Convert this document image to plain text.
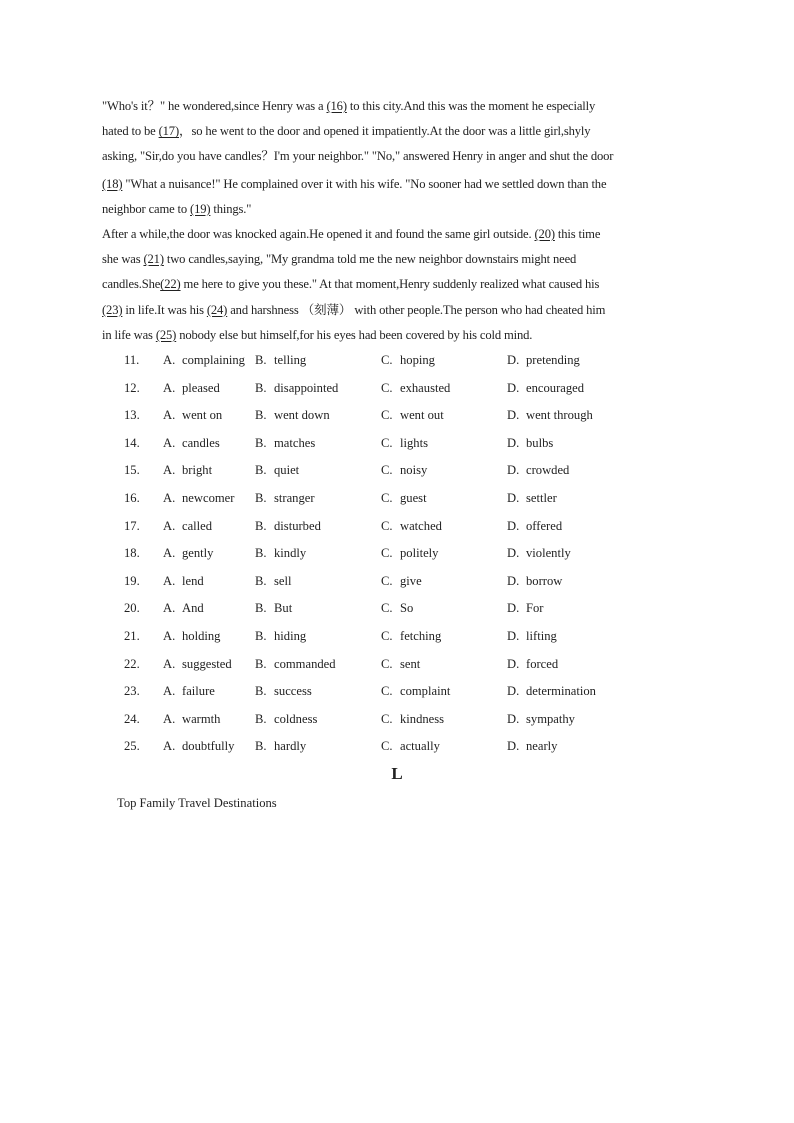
"Who's it？" he wondered,since Henry was a (16) to this city.And this was the moment he especially
hated to be (17)，so he went to the door and opened it impatiently.At the door was a little girl,shyly
asking, "Sir,do you have candles？I'm your neighbor." "No," answered Henry in anger and shut the door
(18) "What a nuisance!" He complained over it with his wife. "No sooner had we settled down than the
neighbor came to (19) things."
After a while,the door was knocked again.He opened it and found the same girl outside. (20) this time
she was (21) two candles,saying, "My grandma told me the new neighbor downstairs might need
candles.She(22) me here to give you these." At that moment,Henry suddenly realized what caused his
(23) in life.It was his (24) and harshness （刻薄） with other people.The person who had cheated him
in life was (25) nobody else but himself,for his eyes had been covered by his cold mind.
11.	A. complaining B. telling	C. hoping	D. pretending
12.	A. pleased	B. disappointed	C. exhausted	D. encouraged
13.	A. went on	B. went down	C. went out	D. went through
14.	A. candles	B. matches	C. lights	D. bulbs
15.	A. bright	B. quiet	C. noisy	D. crowded
16.	A. newcomer B. stranger	C. guest	D. settler
17.	A. called	B. disturbed	C. watched	D. offered
18.	A. gently	B. kindly	C. politely	D. violently
19.	A. lend	B. sell	C. give	D. borrow
20.	A. And	B. But	C. So	D. For
21.	A. holding	B. hiding	C. fetching	D. lifting
22.	A. suggested B. commanded	C. sent	D. forced
23.	A. failure	B. success	C. complaint	D. determination
24.	A. warmth	B. coldness	C. kindness	D. sympathy
25.	A. doubtfully B. hardly	C. actually	D. nearly
L
Top Family Travel Destinations
